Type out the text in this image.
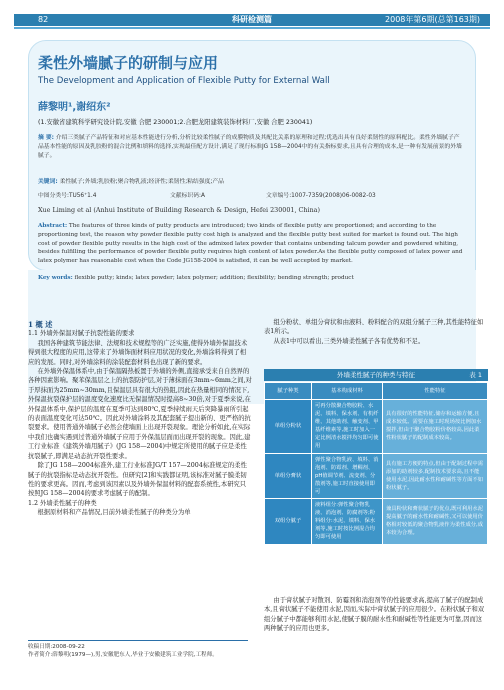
82	科研检测篇	2008年第6期(总第163期)
柔性外墙腻子的研制与应用
The Development and Application of Flexible Putty for External Wall
薛黎明¹,谢绍东²
(1.安徽省建筑科学研究设计院,安徽 合肥 230001;2.合肥龙阳建筑装饰材料厂,安徽 合肥 230041)
摘 要: 介绍三类腻子产品特征和对应基本性能进行分析,分析比较柔性腻子的成膜物质及其配比关系的原理和过程;优选出具有良好柔韧性的原料配比。柔性外墙腻子产品基本性能的原因及乳胶粉的混合比例和填料的选择,实现最佳配方设计,满足了现行标准JG 158—2004中的有关指标要求,且具有合理的成本,是一种有发展前景的外墙腻子。
关键词: 柔性腻子;外墙;乳胶粉;聚合物乳液;经济性;柔韧性;粘结强度;产品
中图分类号:TU56⁺1.4	文献标识码:A	文章编号:1007-7359(2008)06-0082-03
Xue Liming et al (Anhui Institute of Building Research & Design, Hefei 230001, China)
Abstract: The features of three kinds of putty products are introduced; two kinds of flexible putty are proportioned; and according to the proportioning test, the reason why powder flexible putty cost high is analyzed and the flexible putty best suited for market is found out. The high cost of powder flexible putty results in the high cost of the admixed latex powder that contains unbending talcum powder and powdered whiting, besides fulfilling the performance of powder flexible putty requires high content of latex powder.As the flexible putty composed of latex power and latex polymer has reasonable cost when the Code JG158-2004 is satisfied, it can be well accepted by market.
Key words: flexible putty; kinds; latex powder; latex polymer; addition; flexibility; bending strength; product

1 概 述

1.1 外墙外保温对腻子抗裂性能的要求

我国各种建筑节能法律、法规和技术规程等的广泛实施,使得外墙外保温技术得到很大程度的应用,这带来了外墙饰面材料应用状况的变化,外墙涂料得到了相应的发展。同时,对外墙涂料的涂装配套材料也出现了新的要求。

在外墙外保温体系中,由于保温隔热板置于外墙的外侧,直接承受来自自然界的各种因素影响。聚苯保温层之上的抗裂防护层,对于薄抹面在3mm~6mm之间,对于厚抹面为25mm~30mm,且保温层具有很大的热阻,因此在热量相同的情况下,外保温抗裂保护层的温度变化速度比无保温情况时提高8~30倍,对于夏季来说,在外保温体系中,保护层的温度在夏季可达到80℃,夏季持续雨天后突降暴雨所引起的表面温度变化可达50℃。因此对外墙涂料及其配套腻子提出新的、更严格的抗裂要求。使用普通外墙腻子必然会使墙面上出现开裂现象。理论分析如此,在实际中我们也确实遇到过普通外墙腻子应用于外保温层面而出现开裂的现象。因此,建工行业标准《建筑外墙用腻子》(JG 158—2004)中规定所使用的腻子应是柔性抗裂腻子,即满足动态抗开裂性要求。

除了JG 158—2004标准外,建工行业标准JG/T 157—2004标准规定的柔性腻子的抗裂指标是动态抗开裂性。但研究[2]和实践都证明,该标准对腻子膜柔韧性的要求更高。因而,考虑到该因素以及外墙外保温材料的配套系统性,本研究只按照JG 158—2004的要求考虑腻子的配制。

1.2 外墙柔性腻子的种类

根据原材料和产品情况,目前外墙柔性腻子的种类分为单

组分粉状、单组分膏状和由液料、粉料配合的双组分腻子三种,其性能特征如表1所示。

从表1中可以看出,三类外墙柔性腻子各有优势和不足。

外墙柔性腻子的种类与特征	表 1
腻子种类	基本构成材料	性能特征
单组分粉状	可再分散聚合物胶粉、水泥、填料、保水剂、有机纤维、其他助剂、触变剂、甲基纤维素等,施工时加入一定比例清水搅拌均匀即可使用	具有很好的性能特征,储存和运输方便,且成本较低。需要在施工时现场按比例加水搅拌,但由于聚合物胶粉价格较高,因此柔性粉状腻子的配制成本较高。
单组分膏状	弹性聚合物乳液、填料、消泡剂、防霉剂、增稠剂、pH值调节剂、流变剂、分散剂等,施工时直接使用即可	具有施工方便的特点,但由于配制过程中需添加的助剂较多,配制技术要求高,且不能使用水泥,因此耐水性和耐碱性等方面不如粉状腻子。
双组分腻子	液料组分:弹性聚合物乳液、消泡剂、防腐剂等;粉料组分:水泥、填料、保水剂等,施工时按比例混合均匀即可使用	兼具粉状和膏状腻子的优点,既可利用水泥提高腻子的耐水性和耐碱性,又可以使用价格相对较低的聚合物乳液作为柔性成分,成本较为合理。

由于膏状腻子对散剂、防霉剂和消泡剂等的性能要求高,提高了腻子的配制成本,且膏状腻子不能使用水泥,因而,实际中膏状腻子的应用很少。在粉状腻子和双组分腻子中都能够利用水泥,使腻子膜的耐水性和耐碱性等性能更为可靠,因而这两种腻子的应用也更多。

收稿日期:2008-09-22
作者简介:薛黎明(1979—),男,安徽肥东人,毕业于安徽建筑工业学院,工程师。
